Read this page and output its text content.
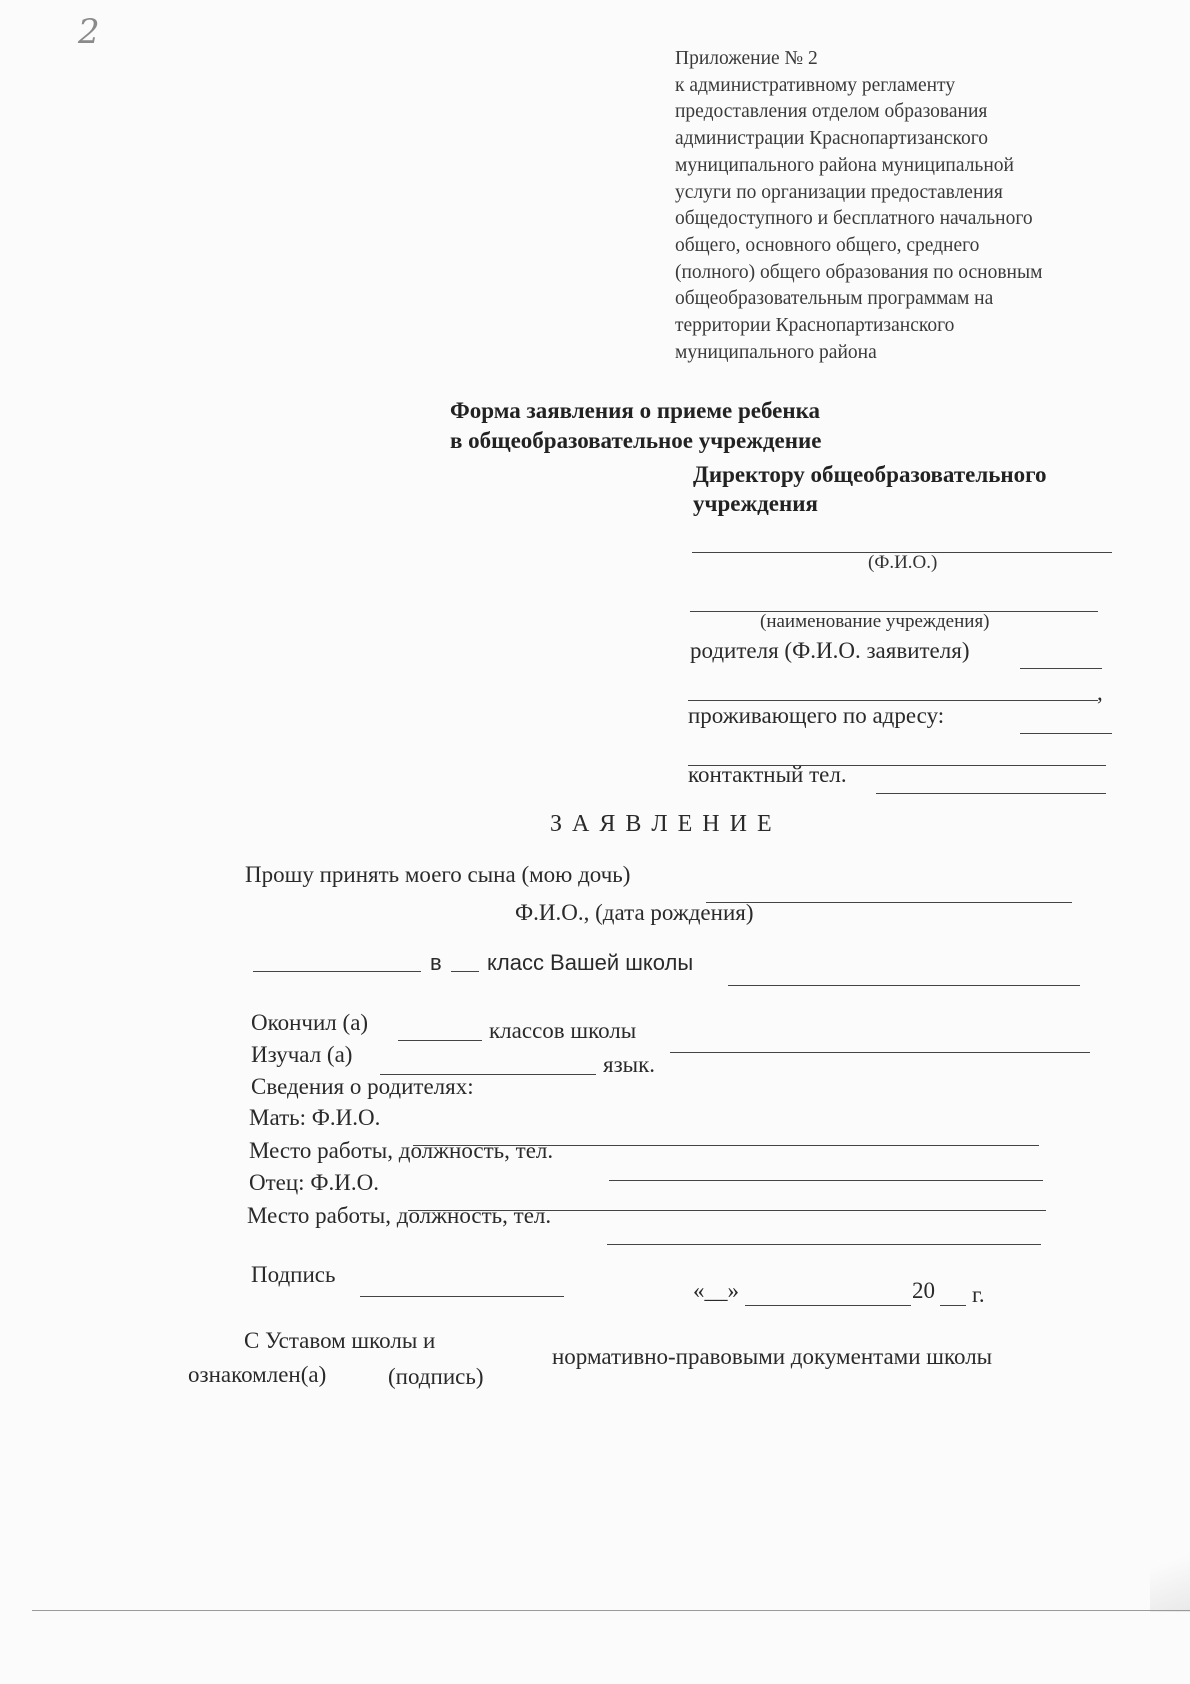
2
Приложение № 2
к административному регламенту
предоставления отделом образования
администрации Краснопартизанского
муниципального района муниципальной
услуги по организации предоставления
общедоступного и бесплатного начального
общего, основного общего, среднего
(полного) общего образования по основным
общеобразовательным программам на
территории Краснопартизанского
муниципального района
Форма заявления о приеме ребенка
в общеобразовательное учреждение
Директору общеобразовательного
учреждения
(Ф.И.О.)
(наименование учреждения)
родителя (Ф.И.О. заявителя)
,
проживающего по адресу:
контактный тел.
З А Я В Л Е Н И Е
Прошу принять моего сына (мою дочь)
Ф.И.О., (дата рождения)
в класс Вашей школы
Окончил (а)	классов школы
Изучал (а)	язык.
Сведения о родителях:
Мать: Ф.И.О.
Место работы, должность, тел.
Отец: Ф.И.О.
Место работы, должность, тел.
Подпись
«__»	20 г.
С Уставом школы и
нормативно-правовыми документами школы
ознакомлен(а)	(подпись)
